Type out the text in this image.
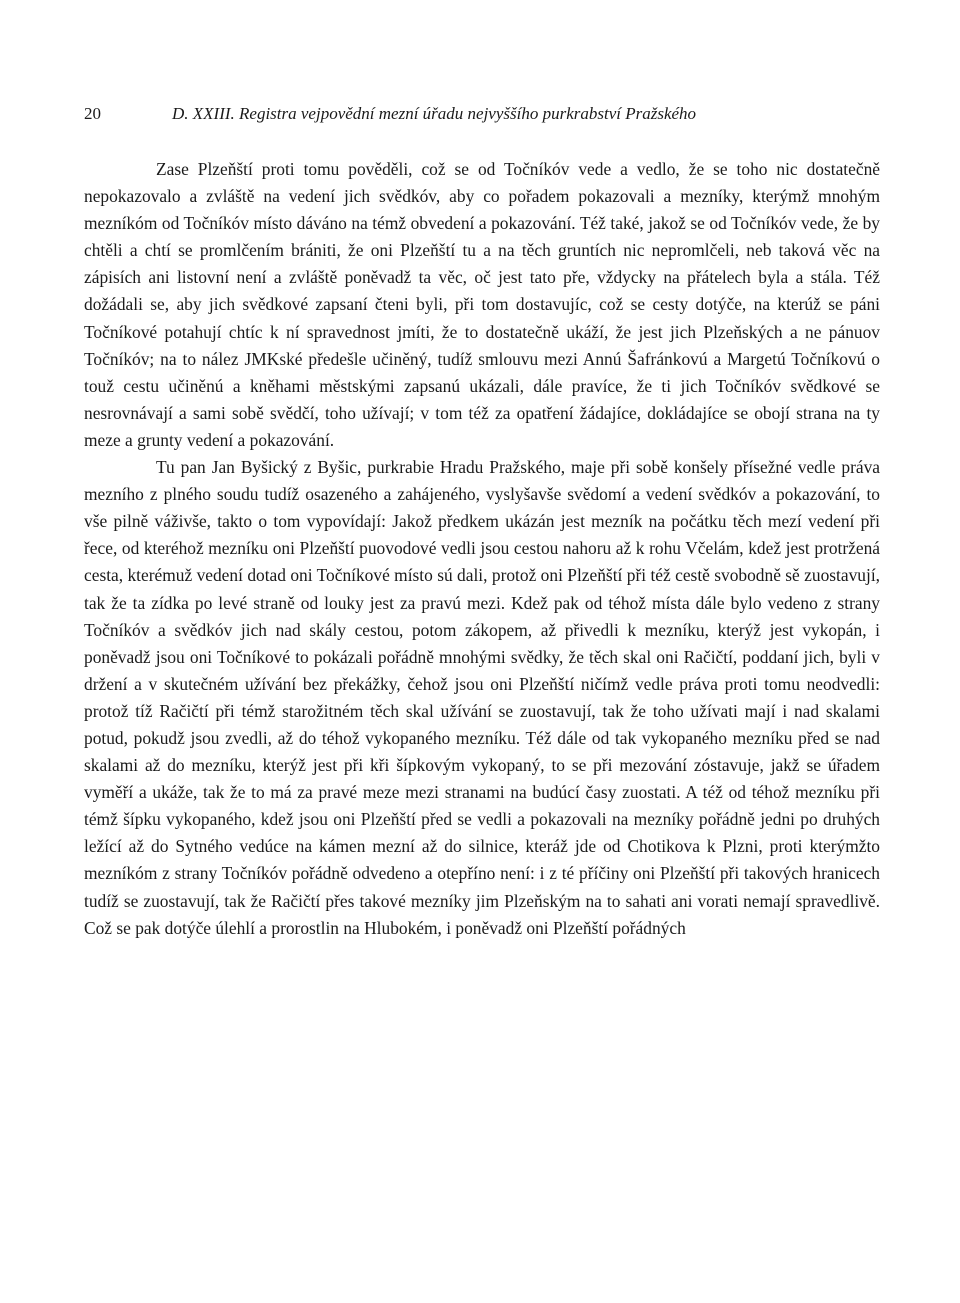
20	D. XXIII. Registra vejpovědní mezní úřadu nejvyššího purkrabství Pražského

Zase Plzeňští proti tomu pověděli, což se od Točníkóv vede a vedlo, že se toho nic dostatečně nepokazovalo a zvláště na vedení jich svědkóv, aby co pořadem pokazovali a mezníky, kterýmž mnohým mezníkóm od Točníkóv místo dáváno na témž obvedení a pokazování. Též také, jakož se od Točníkóv vede, že by chtěli a chtí se promlčením brániti, že oni Plzeňští tu a na těch gruntích nic nepromlčeli, neb taková věc na zápisích ani listovní není a zvláště poněvadž ta věc, oč jest tato pře, vždycky na přátelech byla a stála. Též dožádali se, aby jich svědkové zapsaní čteni byli, při tom dostavujíc, což se cesty dotýče, na kterúž se páni Točníkové potahují chtíc k ní spravednost jmíti, že to dostatečně ukáží, že jest jich Plzeňských a ne pánuov Točníkóv; na to nález JMKské předešle učiněný, tudíž smlouvu mezi Annú Šafránkovú a Margetú Točníkovú o touž cestu učiněnú a kněhami městskými zapsanú ukázali, dále pravíce, že ti jich Točníkóv svědkové se nesrovnávají a sami sobě svědčí, toho užívají; v tom též za opatření žádajíce, dokládajíce se obojí strana na ty meze a grunty vedení a pokazování.

Tu pan Jan Byšický z Byšic, purkrabie Hradu Pražského, maje při sobě konšely přísežné vedle práva mezního z plného soudu tudíž osazeného a zahájeného, vyslyšavše svědomí a vedení svědkóv a pokazování, to vše pilně váživše, takto o tom vypovídají: Jakož předkem ukázán jest mezník na počátku těch mezí vedení při řece, od kteréhož mezníku oni Plzeňští puovodové vedli jsou cestou nahoru až k rohu Včelám, kdež jest protržená cesta, kterémuž vedení dotad oni Točníkové místo sú dali, protož oni Plzeňští při též cestě svobodně sě zuostavují, tak že ta zídka po levé straně od louky jest za pravú mezi. Kdež pak od téhož místa dále bylo vedeno z strany Točníkóv a svědkóv jich nad skály cestou, potom zákopem, až přivedli k mezníku, kterýž jest vykopán, i poněvadž jsou oni Točníkové to pokázali pořádně mnohými svědky, že těch skal oni Račičtí, poddaní jich, byli v držení a v skutečném užívání bez překážky, čehož jsou oni Plzeňští ničímž vedle práva proti tomu neodvedli: protož tíž Račičtí při témž starožitném těch skal užívání se zuostavují, tak že toho užívati mají i nad skalami potud, pokudž jsou zvedli, až do téhož vykopaného mezníku. Též dále od tak vykopaného mezníku před se nad skalami až do mezníku, kterýž jest při kři šípkovým vykopaný, to se při mezování zóstavuje, jakž se úřadem vyměří a ukáže, tak že to má za pravé meze mezi stranami na budúcí časy zuostati. A též od téhož mezníku při témž šípku vykopaného, kdež jsou oni Plzeňští před se vedli a pokazovali na mezníky pořádně jedni po druhých ležící až do Sytného vedúce na kámen mezní až do silnice, kteráž jde od Chotikova k Plzni, proti kterýmžto mezníkóm z strany Točníkóv pořádně odvedeno a otepříno není: i z té příčiny oni Plzeňští při takových hranicech tudíž se zuostavují, tak že Račičtí přes takové mezníky jim Plzeňským na to sahati ani vorati nemají spravedlivě. Což se pak dotýče úlehlí a prorostlin na Hlubokém, i poněvadž oni Plzeňští pořádných
